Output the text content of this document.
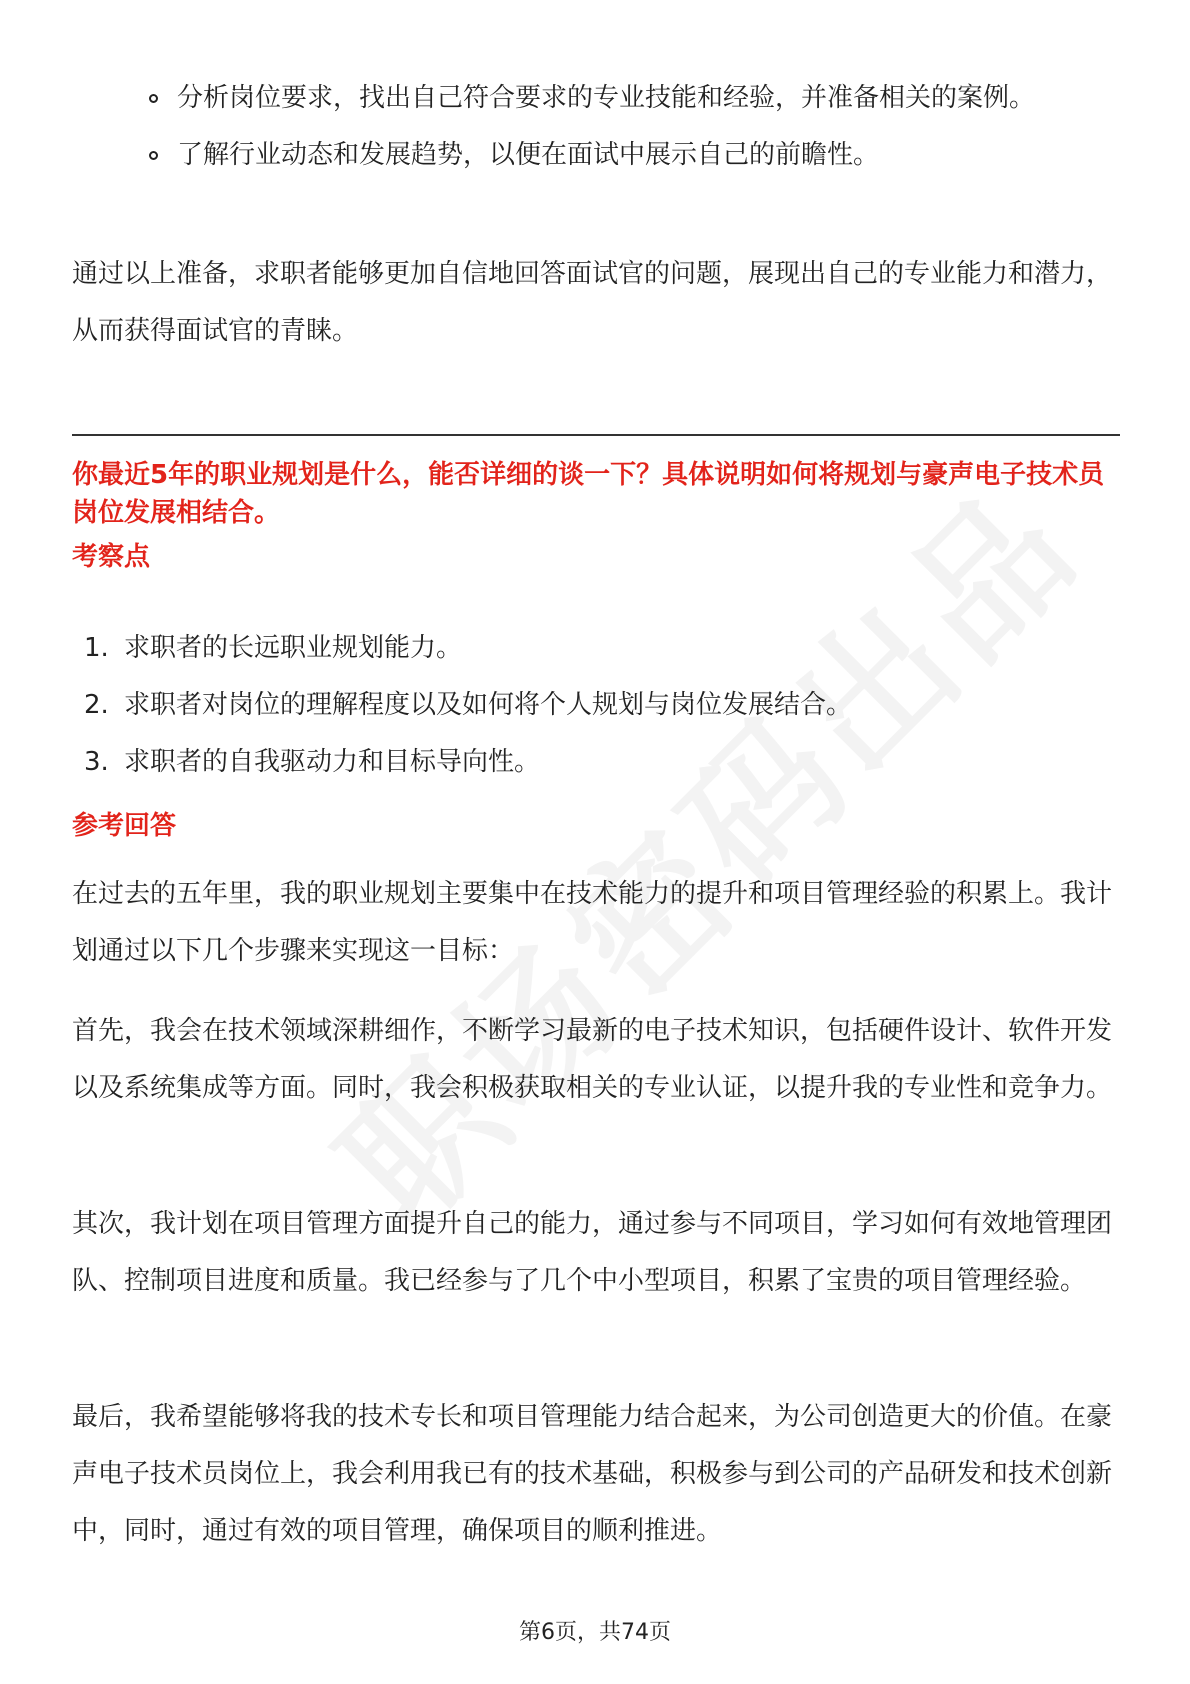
分析岗位要求，找出自己符合要求的专业技能和经验，并准备相关的案例。
了解行业动态和发展趋势，以便在面试中展示自己的前瞻性。

通过以上准备，求职者能够更加自信地回答面试官的问题，展现出自己的专业能力和潜力，从而获得面试官的青睐。

你最近5年的职业规划是什么，能否详细的谈一下？具体说明如何将规划与豪声电子技术员岗位发展相结合。

考察点
1. 求职者的长远职业规划能力。
2. 求职者对岗位的理解程度以及如何将个人规划与岗位发展结合。
3. 求职者的自我驱动力和目标导向性。
参考回答

在过去的五年里，我的职业规划主要集中在技术能力的提升和项目管理经验的积累上。我计划通过以下几个步骤来实现这一目标：

首先，我会在技术领域深耕细作，不断学习最新的电子技术知识，包括硬件设计、软件开发以及系统集成等方面。同时，我会积极获取相关的专业认证，以提升我的专业性和竞争力。

其次，我计划在项目管理方面提升自己的能力，通过参与不同项目，学习如何有效地管理团队、控制项目进度和质量。我已经参与了几个中小型项目，积累了宝贵的项目管理经验。

最后，我希望能够将我的技术专长和项目管理能力结合起来，为公司创造更大的价值。在豪声电子技术员岗位上，我会利用我已有的技术基础，积极参与到公司的产品研发和技术创新中，同时，通过有效的项目管理，确保项目的顺利推进。

第6页，共74页
